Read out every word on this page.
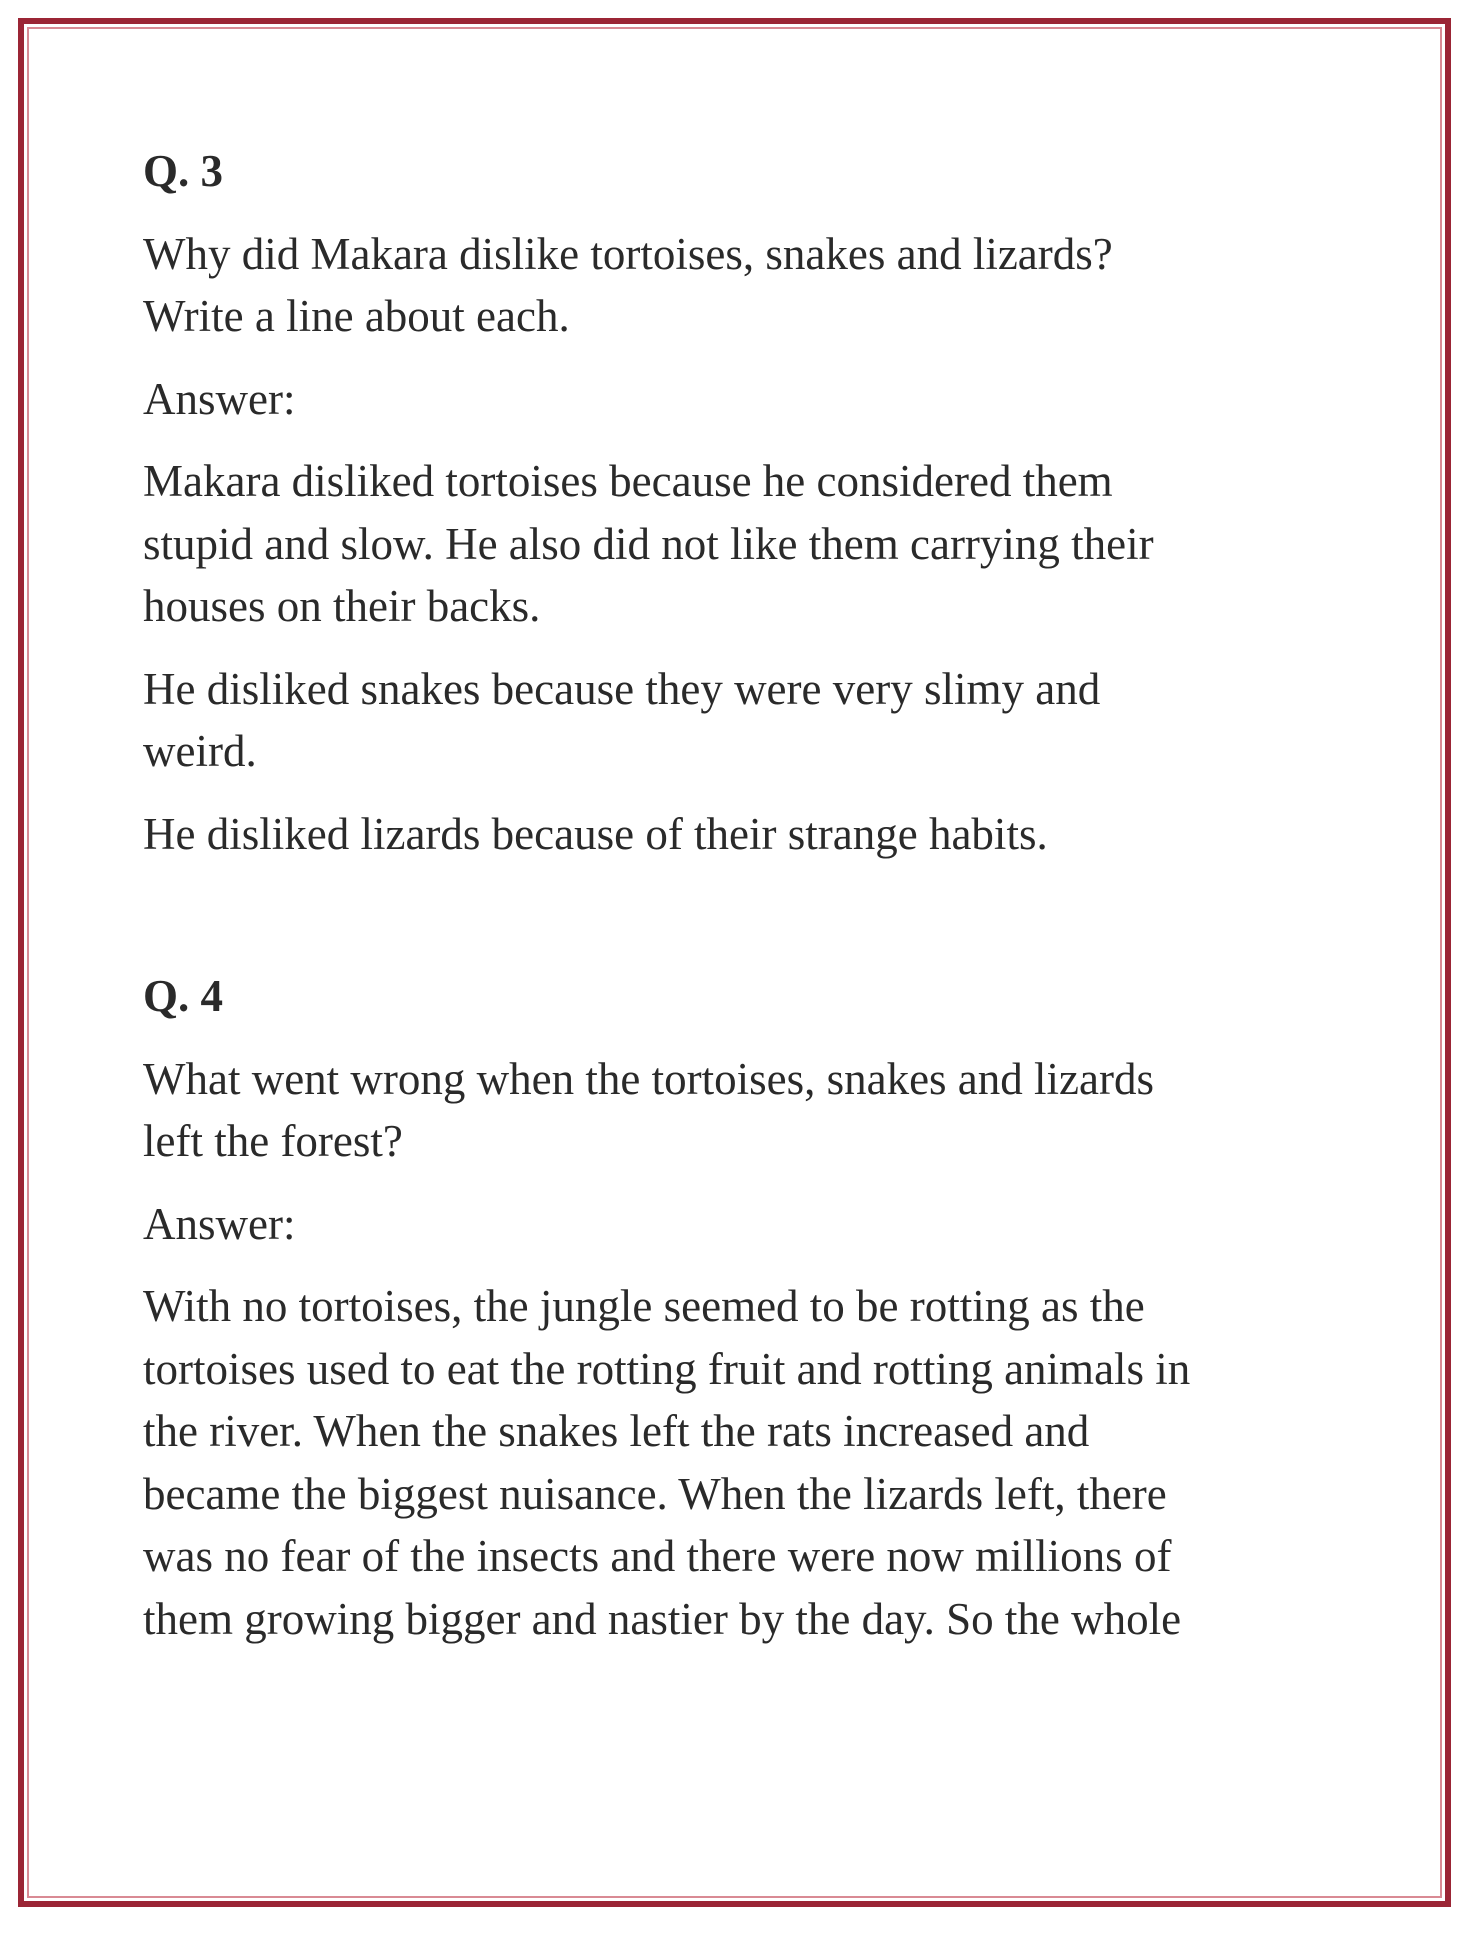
Q. 3
Why did Makara dislike tortoises, snakes and lizards?
Write a line about each.
Answer:
Makara disliked tortoises because he considered them
stupid and slow. He also did not like them carrying their
houses on their backs.
He disliked snakes because they were very slimy and
weird.
He disliked lizards because of their strange habits.
Q. 4
What went wrong when the tortoises, snakes and lizards
left the forest?
Answer:
With no tortoises, the jungle seemed to be rotting as the
tortoises used to eat the rotting fruit and rotting animals in
the river. When the snakes left the rats increased and
became the biggest nuisance. When the lizards left, there
was no fear of the insects and there were now millions of
them growing bigger and nastier by the day. So the whole
